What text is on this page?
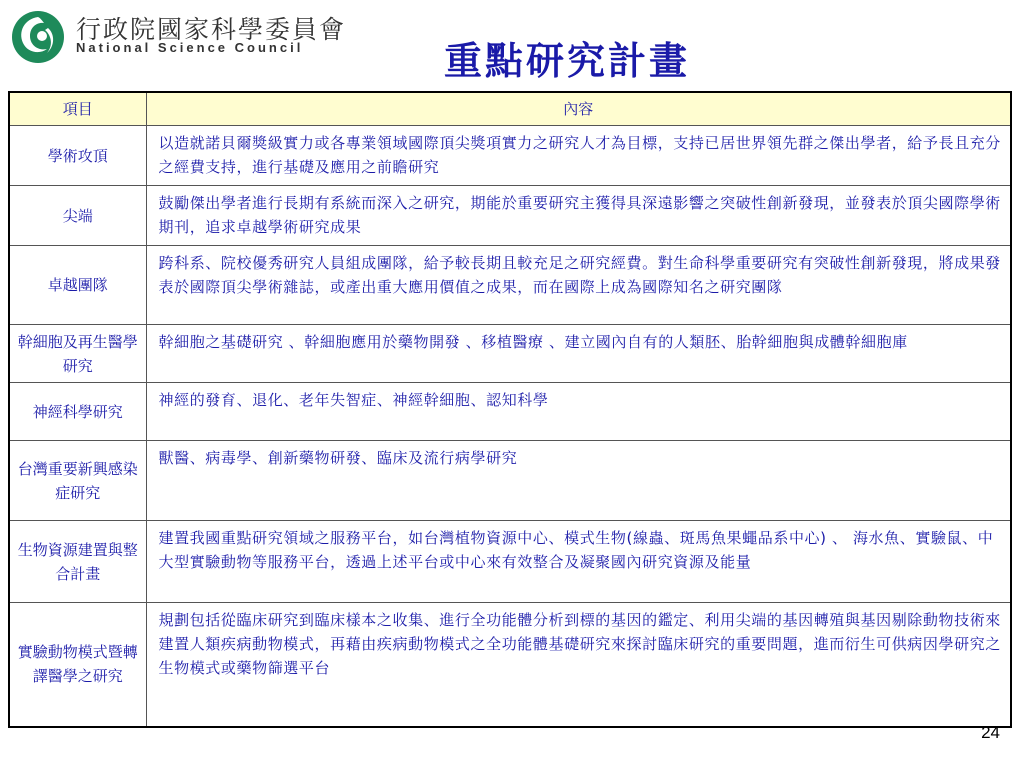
行政院國家科學委員會
National Science Council	重點研究計畫
項目	內容
學術攻頂	以造就諾貝爾獎級實力或各專業領域國際頂尖獎項實力之研究人才為目標，支持已居世界領先群之傑出學者，給予長且充分之經費支持，進行基礎及應用之前瞻研究
尖端	鼓勵傑出學者進行長期有系統而深入之研究，期能於重要研究主獲得具深遠影響之突破性創新發現，並發表於頂尖國際學術期刊，追求卓越學術研究成果
卓越團隊	跨科系、院校優秀研究人員組成團隊，給予較長期且較充足之研究經費。對生命科學重要研究有突破性創新發現，將成果發表於國際頂尖學術雜誌，或產出重大應用價值之成果，而在國際上成為國際知名之研究團隊
幹細胞及再生醫學研究	幹細胞之基礎研究 、幹細胞應用於藥物開發 、移植醫療 、建立國內自有的人類胚、胎幹細胞與成體幹細胞庫
神經科學研究	神經的發育、退化、老年失智症、神經幹細胞、認知科學
台灣重要新興感染症研究	獸醫、病毒學、創新藥物研發、臨床及流行病學研究
生物資源建置與整合計畫	建置我國重點研究領域之服務平台，如台灣植物資源中心、模式生物(線蟲、斑馬魚果蠅品系中心) 、 海水魚、實驗鼠、中大型實驗動物等服務平台，透過上述平台或中心來有效整合及凝聚國內研究資源及能量
實驗動物模式暨轉譯醫學之研究	規劃包括從臨床研究到臨床樣本之收集、進行全功能體分析到標的基因的鑑定、利用尖端的基因轉殖與基因剔除動物技術來建置人類疾病動物模式，再藉由疾病動物模式之全功能體基礎研究來探討臨床研究的重要問題，進而衍生可供病因學研究之生物模式或藥物篩選平台
24
